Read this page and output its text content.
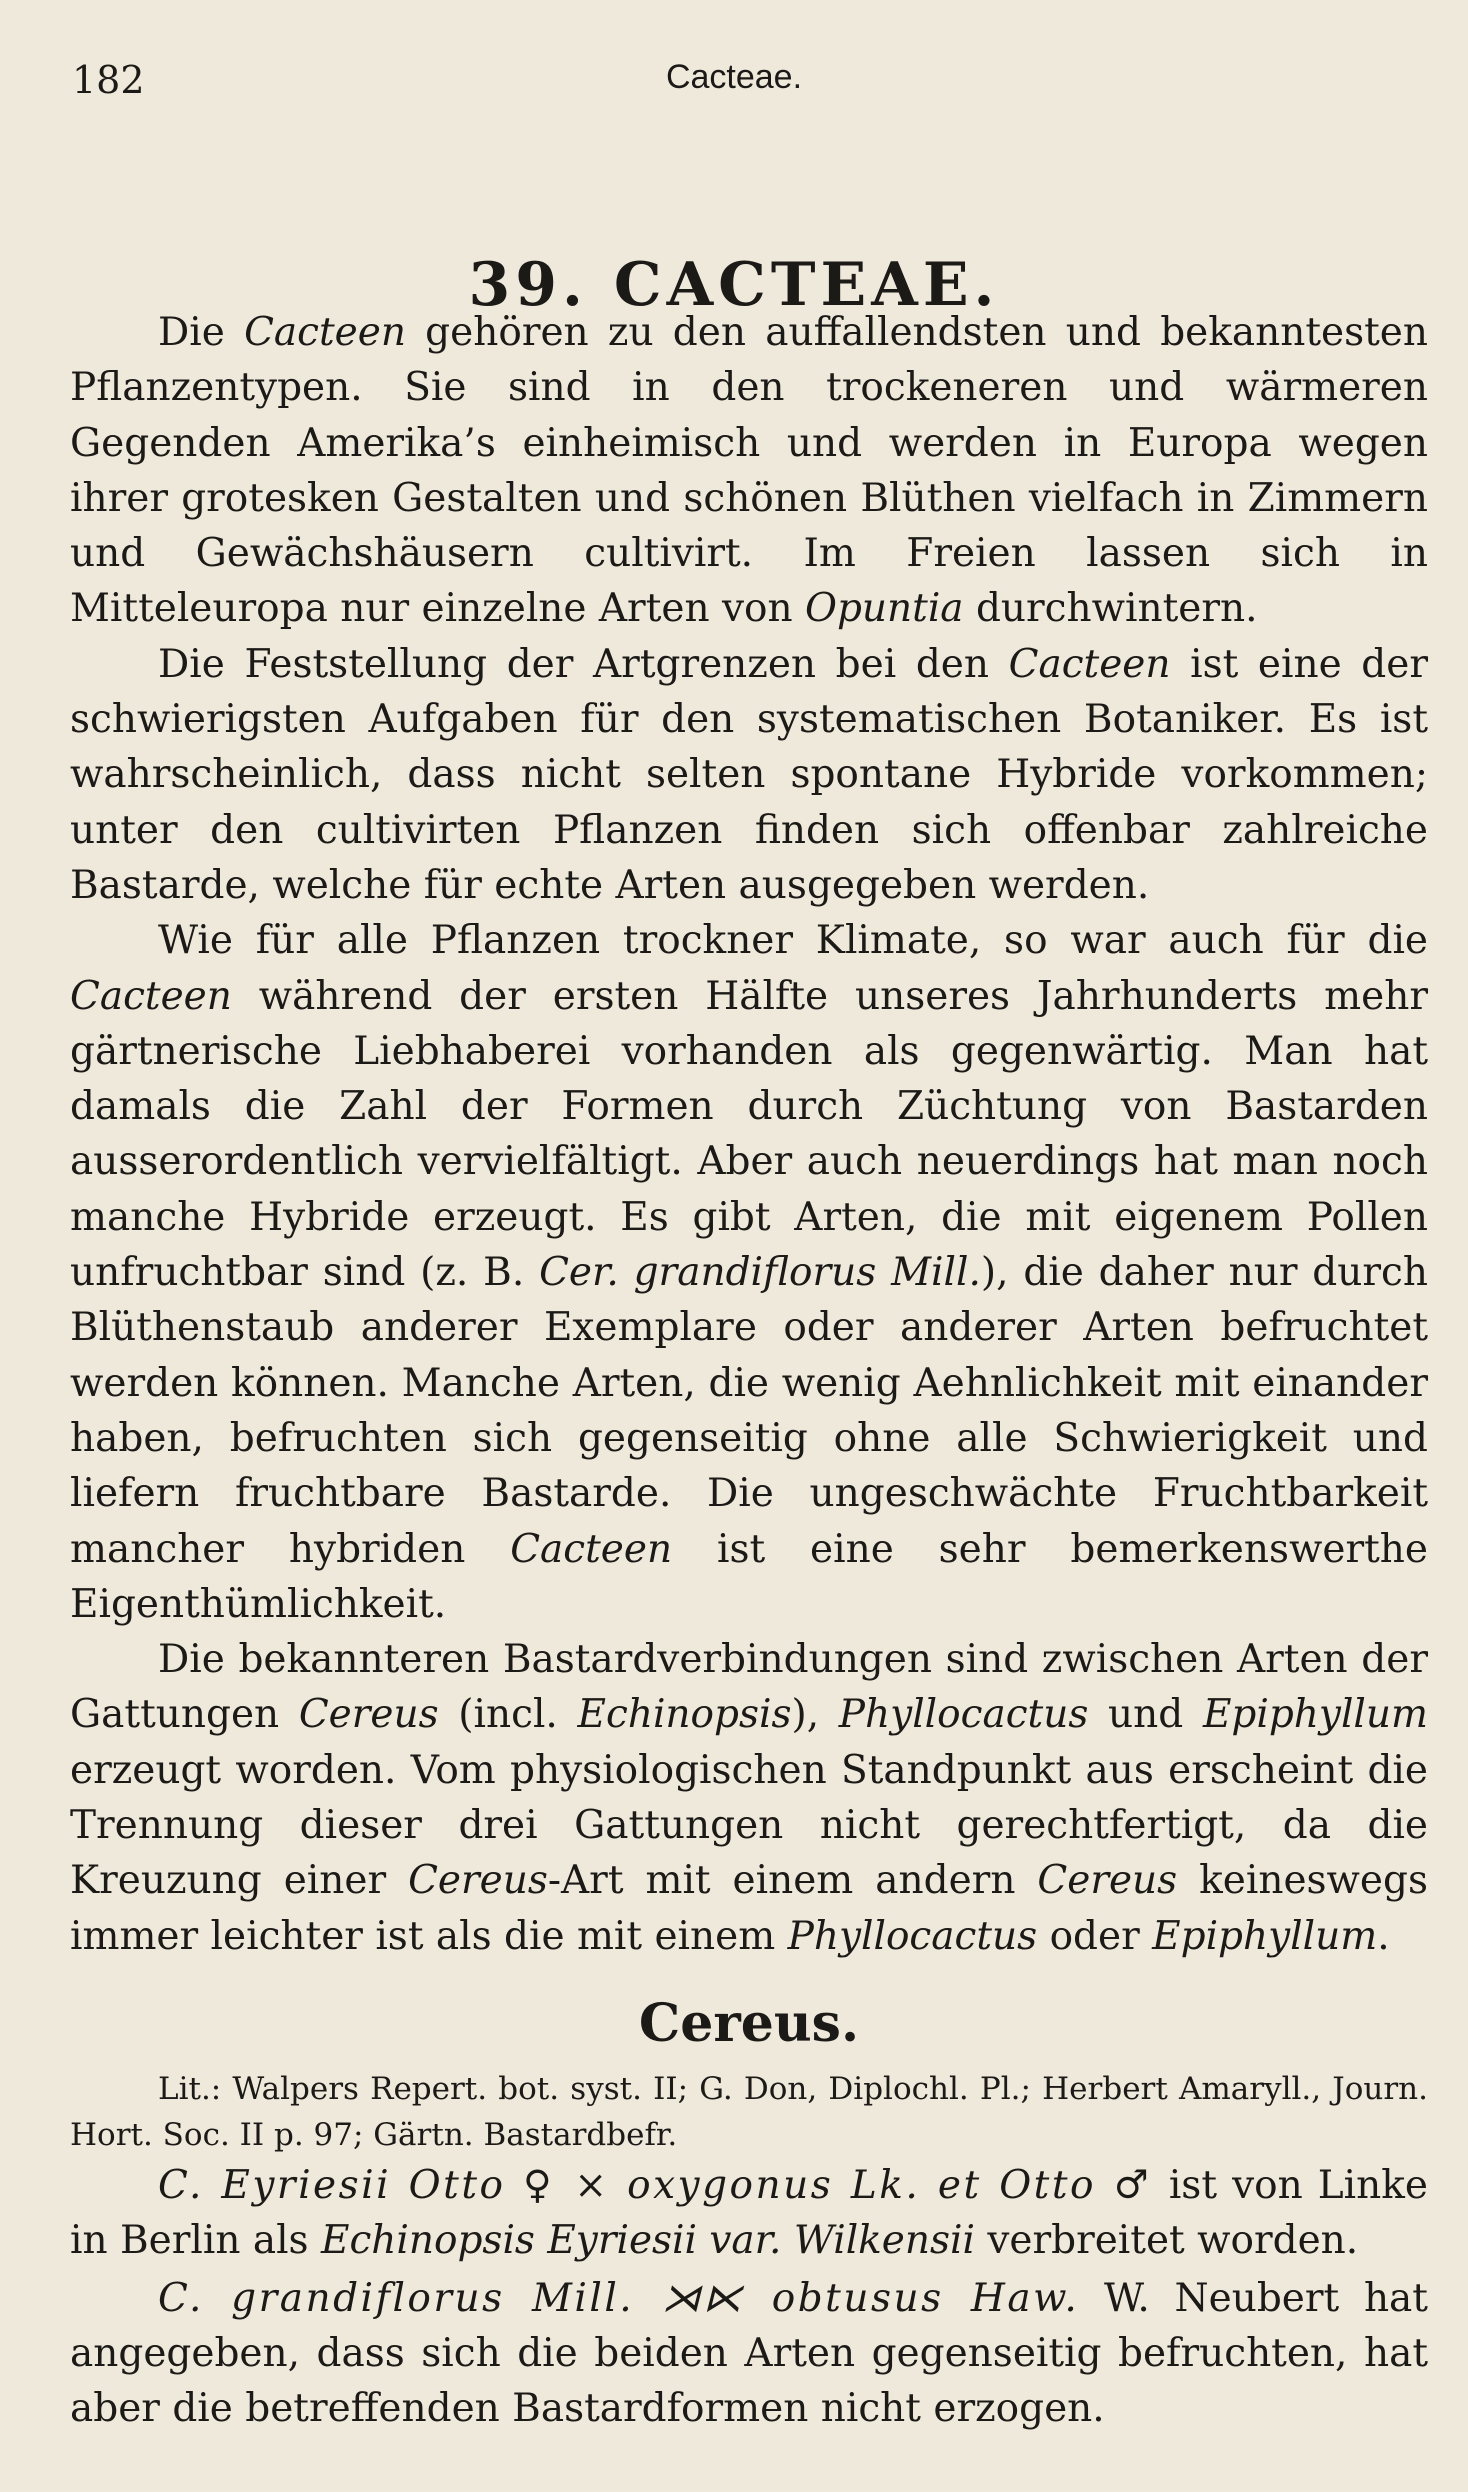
182	Cacteae.
39. CACTEAE.

Die Cacteen gehören zu den auffallendsten und bekanntesten Pflanzentypen. Sie sind in den trockeneren und wärmeren Gegenden Amerika’s einheimisch und werden in Europa wegen ihrer grotesken Gestalten und schönen Blüthen vielfach in Zimmern und Gewächshäusern cultivirt. Im Freien lassen sich in Mitteleuropa nur einzelne Arten von Opuntia durchwintern.

Die Feststellung der Artgrenzen bei den Cacteen ist eine der schwierigsten Aufgaben für den systematischen Botaniker. Es ist wahrscheinlich, dass nicht selten spontane Hybride vorkommen; unter den cultivirten Pflanzen finden sich offenbar zahlreiche Bastarde, welche für echte Arten ausgegeben werden.

Wie für alle Pflanzen trockner Klimate, so war auch für die Cacteen während der ersten Hälfte unseres Jahrhunderts mehr gärtnerische Liebhaberei vorhanden als gegenwärtig. Man hat damals die Zahl der Formen durch Züchtung von Bastarden ausserordentlich vervielfältigt. Aber auch neuerdings hat man noch manche Hybride erzeugt. Es gibt Arten, die mit eigenem Pollen unfruchtbar sind (z. B. Cer. grandiflorus Mill.), die daher nur durch Blüthenstaub anderer Exemplare oder anderer Arten befruchtet werden können. Manche Arten, die wenig Aehnlichkeit mit einander haben, befruchten sich gegenseitig ohne alle Schwierigkeit und liefern fruchtbare Bastarde. Die ungeschwächte Fruchtbarkeit mancher hybriden Cacteen ist eine sehr bemerkenswerthe Eigenthümlichkeit.

Die bekannteren Bastardverbindungen sind zwischen Arten der Gattungen Cereus (incl. Echinopsis), Phyllocactus und Epiphyllum erzeugt worden. Vom physiologischen Standpunkt aus erscheint die Trennung dieser drei Gattungen nicht gerechtfertigt, da die Kreuzung einer Cereus-Art mit einem andern Cereus keineswegs immer leichter ist als die mit einem Phyllocactus oder Epiphyllum.

Cereus.

Lit.: Walpers Repert. bot. syst. II; G. Don, Diplochl. Pl.; Herbert Amaryll., Journ. Hort. Soc. II p. 97; Gärtn. Bastardbefr.

C. Eyriesii Otto ♀ × oxygonus Lk. et Otto ♂ ist von Linke in Berlin als Echinopsis Eyriesii var. Wilkensii verbreitet worden.

C. grandiflorus Mill. ⋊⋉ obtusus Haw. W. Neubert hat angegeben, dass sich die beiden Arten gegenseitig befruchten, hat aber die betreffenden Bastardformen nicht erzogen.
